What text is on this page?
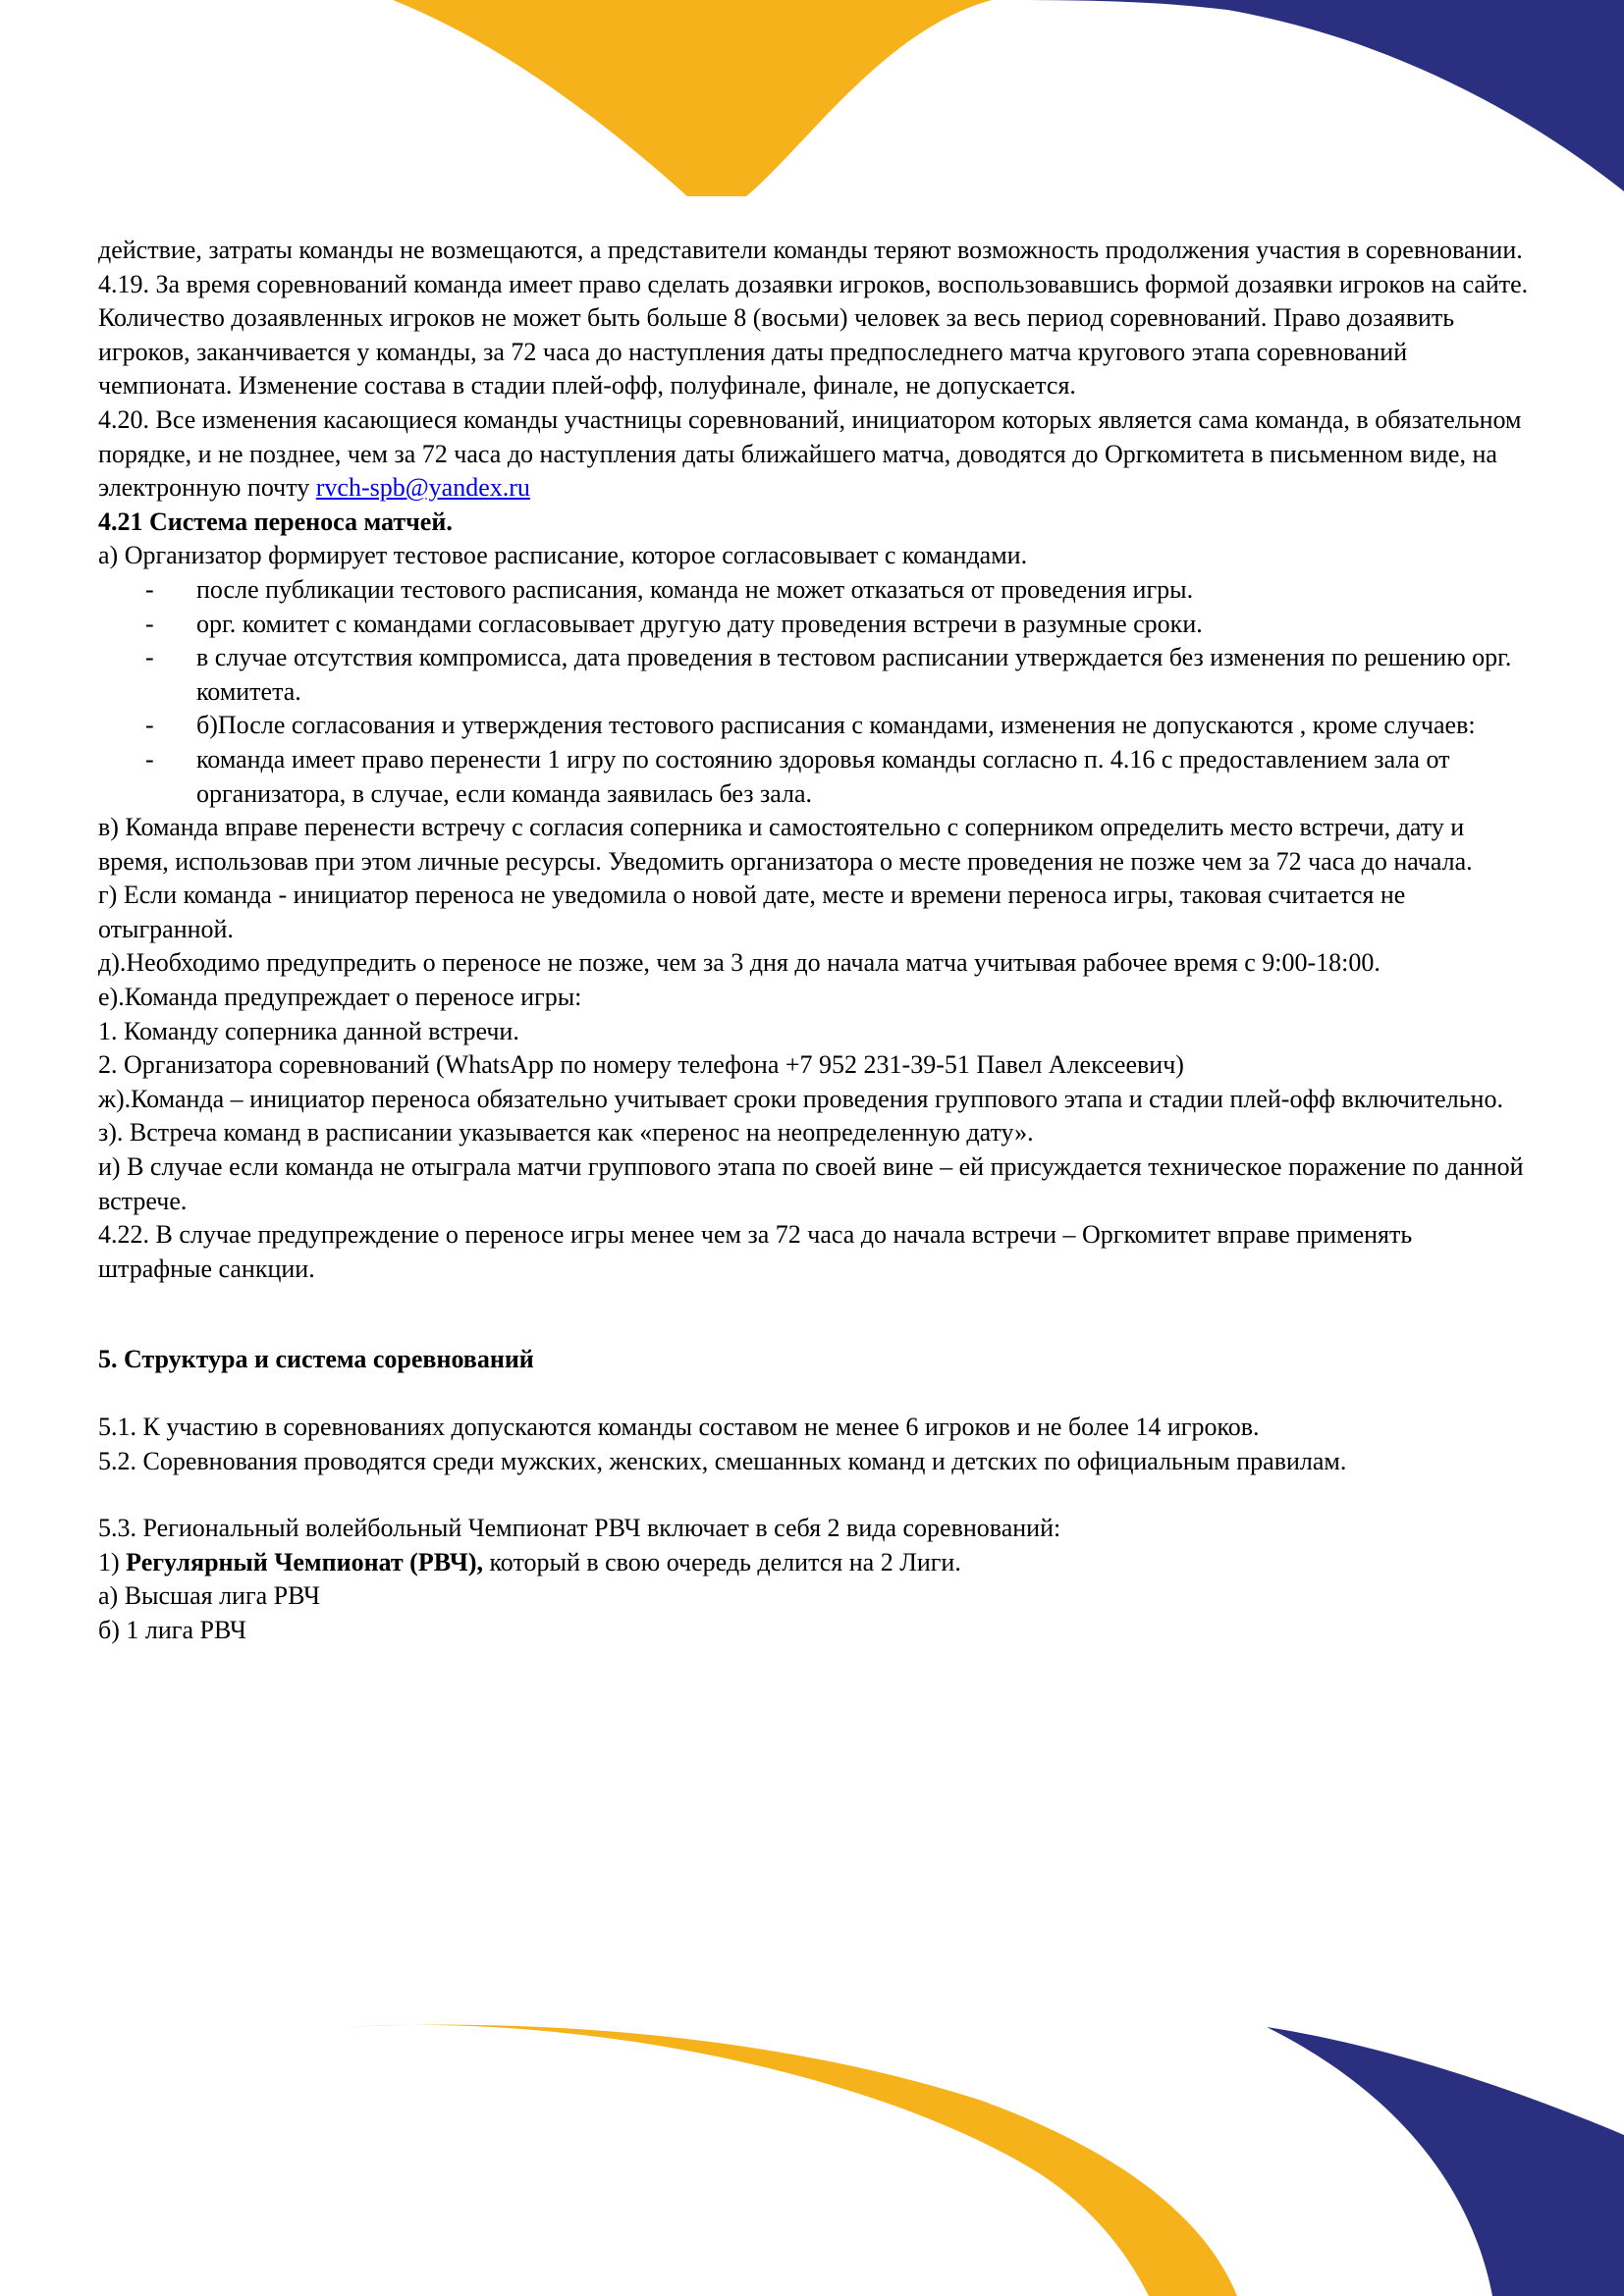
действие, затраты команды не возмещаются, а представители команды теряют возможность продолжения участия в соревновании.

4.19. За время соревнований команда имеет право сделать дозаявки игроков, воспользовавшись формой дозаявки игроков на сайте. Количество дозаявленных игроков не может быть больше 8 (восьми) человек за весь период соревнований. Право дозаявить игроков, заканчивается у команды, за 72 часа до наступления даты предпоследнего матча кругового этапа соревнований чемпионата. Изменение состава в стадии плей-офф, полуфинале, финале, не допускается.

4.20. Все изменения касающиеся команды участницы соревнований, инициатором которых является сама команда, в обязательном порядке, и не позднее, чем за 72 часа до наступления даты ближайшего матча, доводятся до Оргкомитета в письменном виде, на электронную почту rvch-spb@yandex.ru

4.21 Система переноса матчей.

а) Организатор формирует тестовое расписание, которое согласовывает с командами.

- после публикации тестового расписания, команда не может отказаться от проведения игры.
- орг. комитет с командами согласовывает другую дату проведения встречи в разумные сроки.
- в случае отсутствия компромисса, дата проведения в тестовом расписании утверждается без изменения по решению орг. комитета.
- б)После согласования и утверждения тестового расписания с командами, изменения не допускаются , кроме случаев:
- команда имеет право перенести 1 игру по состоянию здоровья команды согласно п. 4.16 с предоставлением зала от организатора, в случае, если команда заявилась без зала.

в) Команда вправе перенести встречу с согласия соперника и самостоятельно с соперником определить место встречи, дату и время, использовав при этом личные ресурсы. Уведомить организатора о месте проведения не позже чем за 72 часа до начала.

г) Если команда - инициатор переноса не уведомила о новой дате, месте и времени переноса игры, таковая считается не отыгранной.

д).Необходимо предупредить о переносе не позже, чем за 3 дня до начала матча учитывая рабочее время с 9:00-18:00.

е).Команда предупреждает о переносе игры:

1. Команду соперника данной встречи.

2. Организатора соревнований (WhatsApp по номеру телефона +7 952 231-39-51 Павел Алексеевич)

ж).Команда – инициатор переноса обязательно учитывает сроки проведения группового этапа и стадии плей-офф включительно.

з). Встреча команд в расписании указывается как «перенос на неопределенную дату».

и) В случае если команда не отыграла матчи группового этапа по своей вине – ей присуждается техническое поражение по данной встрече.

4.22. В случае предупреждение о переносе игры менее чем за 72 часа до начала встречи – Оргкомитет вправе применять штрафные санкции.

5. Структура и система соревнований

5.1. К участию в соревнованиях допускаются команды составом не менее 6 игроков и не более 14 игроков.

5.2. Соревнования проводятся среди мужских, женских, смешанных команд и детских по официальным правилам.

5.3. Региональный волейбольный Чемпионат РВЧ включает в себя 2 вида соревнований:

1) Регулярный Чемпионат (РВЧ), который в свою очередь делится на 2 Лиги.

а) Высшая лига РВЧ

б) 1 лига РВЧ
